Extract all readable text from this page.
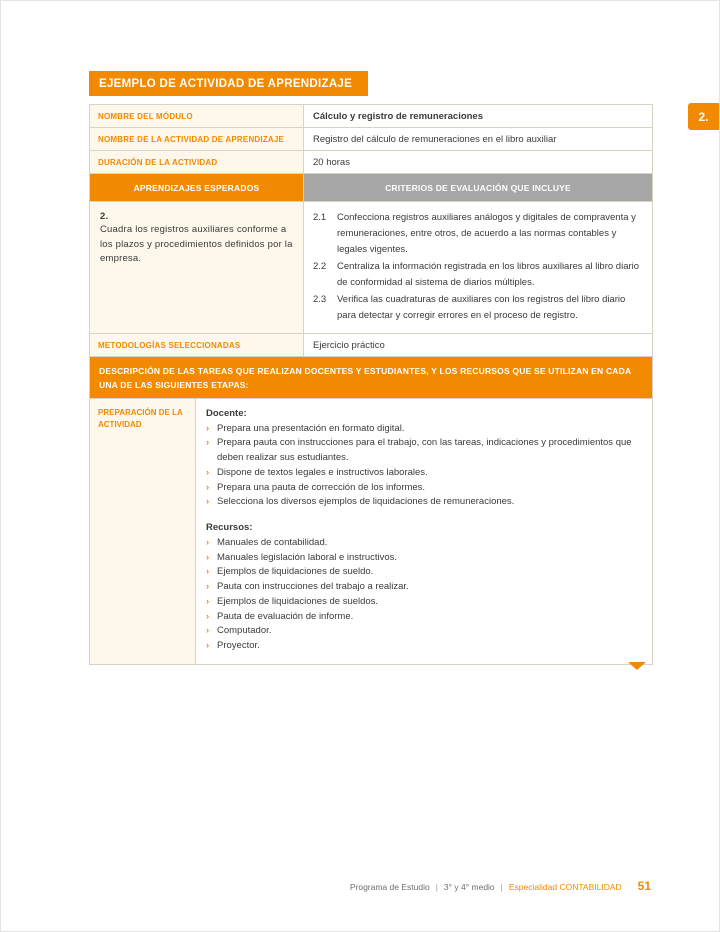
2.
EJEMPLO DE ACTIVIDAD DE APRENDIZAJE
NOMBRE DEL MÓDULO	Cálculo y registro de remuneraciones
NOMBRE DE LA ACTIVIDAD DE APRENDIZAJE	Registro del cálculo de remuneraciones en el libro auxiliar
DURACIÓN DE LA ACTIVIDAD	20 horas
APRENDIZAJES ESPERADOS	CRITERIOS DE EVALUACIÓN QUE INCLUYE
2.
Cuadra los registros auxiliares conforme a los plazos y procedimientos definidos por la empresa.
2.1	Confecciona registros auxiliares análogos y digitales de compraventa y remuneraciones, entre otros, de acuerdo a las normas contables y legales vigentes.
2.2	Centraliza la información registrada en los libros auxiliares al libro diario de conformidad al sistema de diarios múltiples.
2.3	Verifica las cuadraturas de auxiliares con los registros del libro diario para detectar y corregir errores en el proceso de registro.
METODOLOGÍAS SELECCIONADAS	Ejercicio práctico
DESCRIPCIÓN DE LAS TAREAS QUE REALIZAN DOCENTES Y ESTUDIANTES, Y LOS RECURSOS QUE SE UTILIZAN EN CADA UNA DE LAS SIGUIENTES ETAPAS:
PREPARACIÓN DE LA ACTIVIDAD
Docente:
› Prepara una presentación en formato digital.
› Prepara pauta con instrucciones para el trabajo, con las tareas, indicaciones y procedimientos que deben realizar sus estudiantes.
› Dispone de textos legales e instructivos laborales.
› Prepara una pauta de corrección de los informes.
› Selecciona los diversos ejemplos de liquidaciones de remuneraciones.
Recursos:
› Manuales de contabilidad.
› Manuales legislación laboral e instructivos.
› Ejemplos de liquidaciones de sueldo.
› Pauta con instrucciones del trabajo a realizar.
› Ejemplos de liquidaciones de sueldos.
› Pauta de evaluación de informe.
› Computador.
› Proyector.
Programa de Estudio | 3° y 4° medio | Especialidad CONTABILIDAD 51
